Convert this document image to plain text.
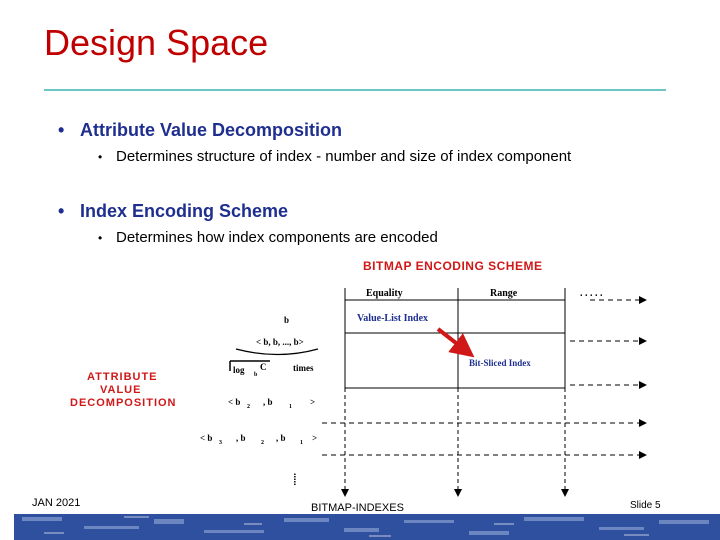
Design Space
• Attribute Value Decomposition
• Determines structure of index - number and size of index component
• Index Encoding Scheme
• Determines how index components are encoded
BITMAP ENCODING SCHEME
Equality	Range	. . . . .
Value-List Index
Bit-Sliced Index
ATTRIBUTE
VALUE
DECOMPOSITION
b
< b, b, ..., b>
log b
C	times
< b 2 , b	1 >
< b 3 , b	2 , b 1 >
.....
JAN 2021	BITMAP-INDEXES	Slide 5
